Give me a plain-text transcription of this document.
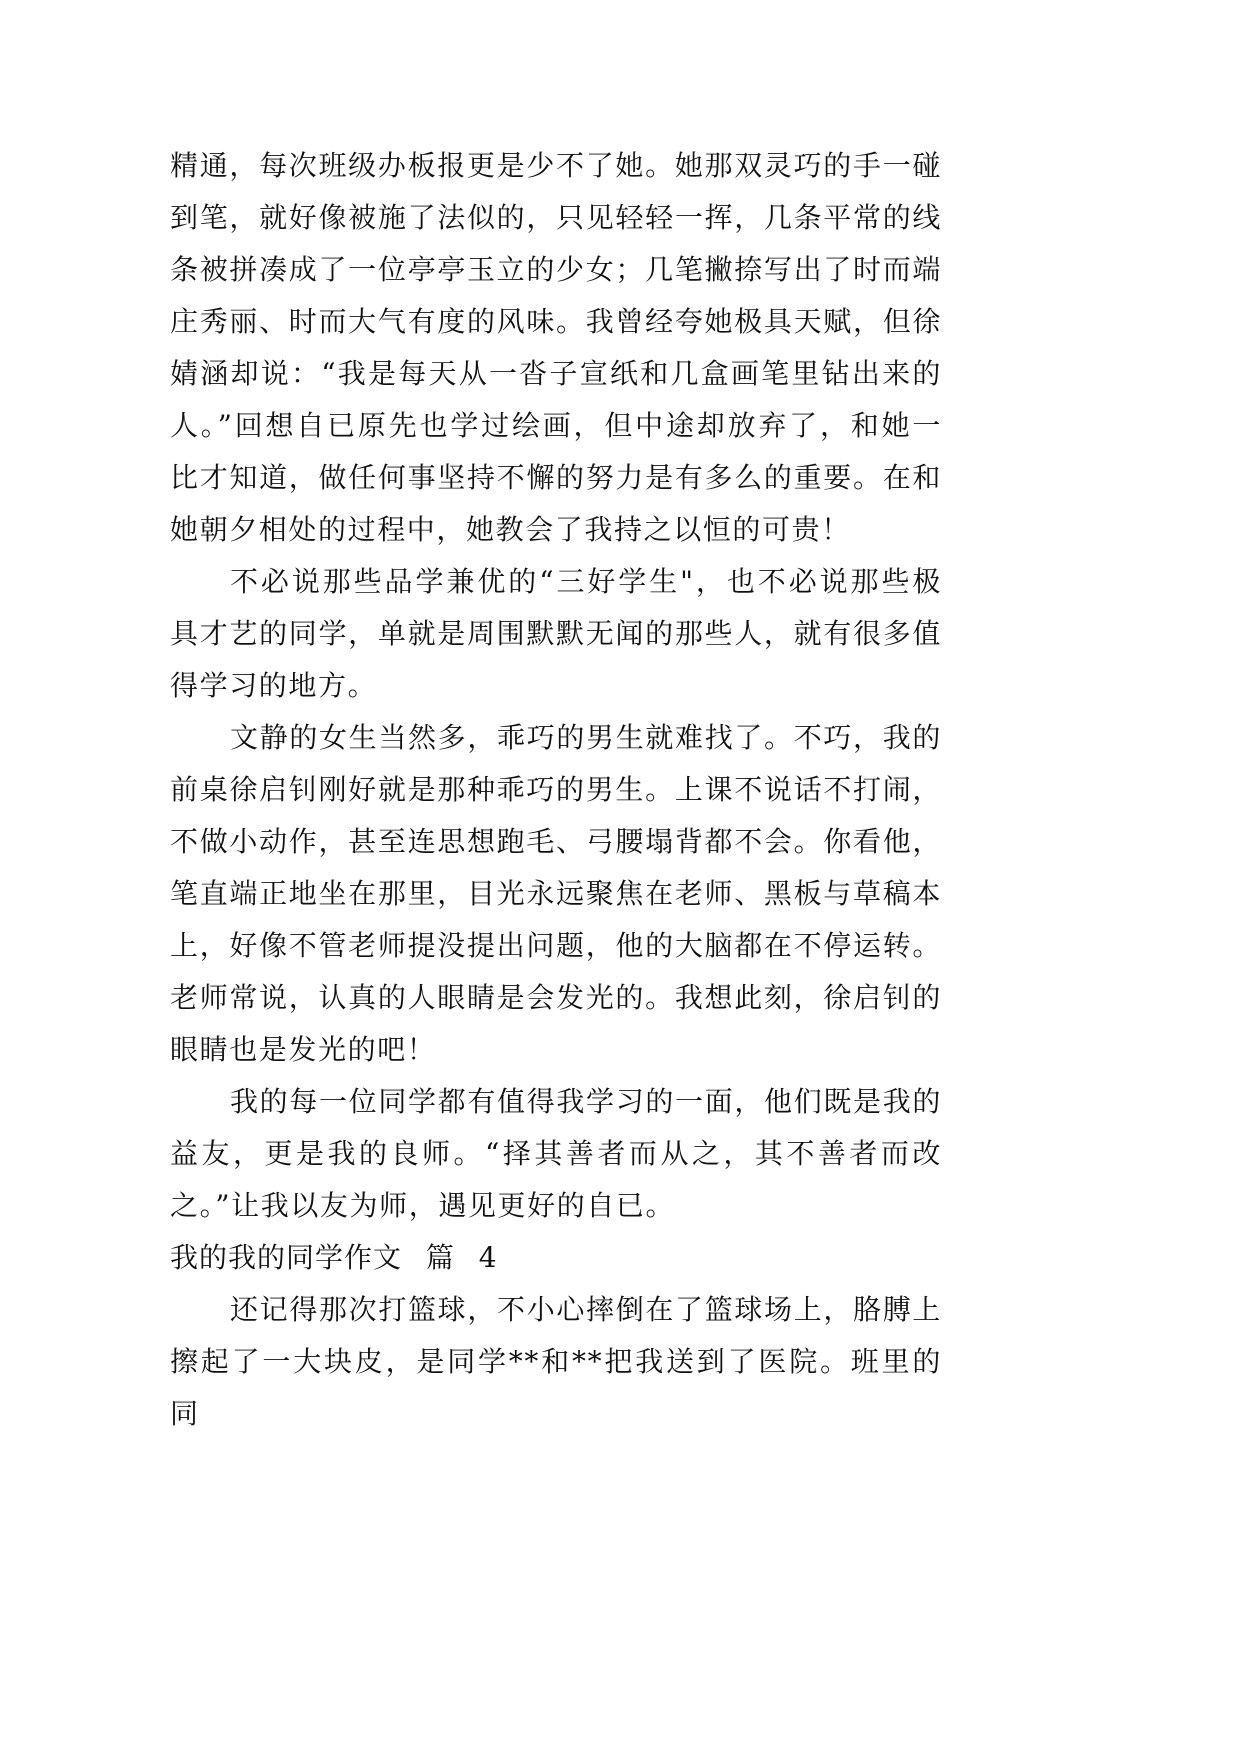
精通，每次班级办板报更是少不了她。她那双灵巧的手一碰
到笔，就好像被施了法似的，只见轻轻一挥，几条平常的线
条被拼凑成了一位亭亭玉立的少女；几笔撇捺写出了时而端
庄秀丽、时而大气有度的风味。我曾经夸她极具天赋，但徐
婧涵却说：“我是每天从一沓子宣纸和几盒画笔里钻出来的
人。”回想自已原先也学过绘画，但中途却放弃了，和她一
比才知道，做任何事坚持不懈的努力是有多么的重要。在和
她朝夕相处的过程中，她教会了我持之以恒的可贵！
不必说那些品学兼优的“三好学生"，也不必说那些极
具才艺的同学，单就是周围默默无闻的那些人，就有很多值
得学习的地方。
文静的女生当然多，乖巧的男生就难找了。不巧，我的
前桌徐启钊刚好就是那种乖巧的男生。上课不说话不打闹，
不做小动作，甚至连思想跑毛、弓腰塌背都不会。你看他，
笔直端正地坐在那里，目光永远聚焦在老师、黑板与草稿本
上，好像不管老师提没提出问题，他的大脑都在不停运转。
老师常说，认真的人眼睛是会发光的。我想此刻，徐启钊的
眼睛也是发光的吧！
我的每一位同学都有值得我学习的一面，他们既是我的
益友，更是我的良师。“择其善者而从之，其不善者而改
之。”让我以友为师，遇见更好的自已。
我的我的同学作文 篇 4
还记得那次打篮球，不小心摔倒在了篮球场上，胳膊上
擦起了一大块皮，是同学**和**把我送到了医院。班里的同
